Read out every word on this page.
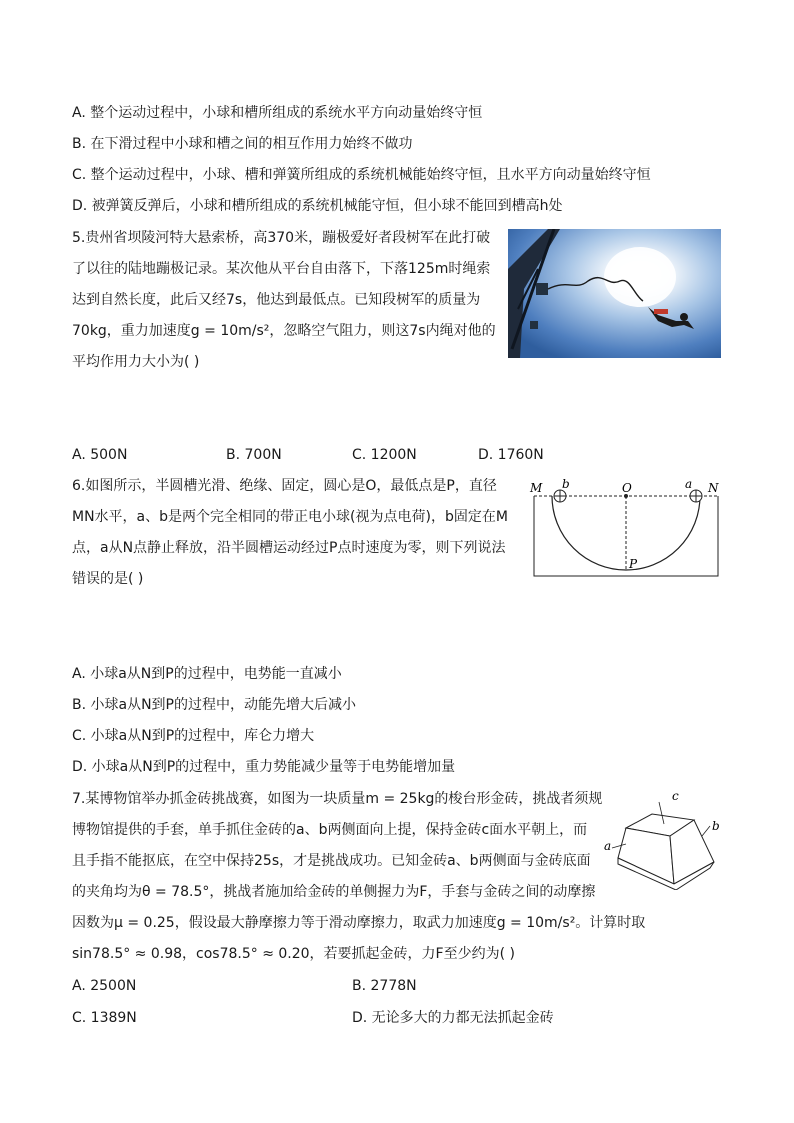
A. 整个运动过程中，小球和槽所组成的系统水平方向动量始终守恒
B. 在下滑过程中小球和槽之间的相互作用力始终不做功
C. 整个运动过程中，小球、槽和弹簧所组成的系统机械能始终守恒，且水平方向动量始终守恒
D. 被弹簧反弹后，小球和槽所组成的系统机械能守恒，但小球不能回到槽高h处
5.贵州省坝陵河特大悬索桥，高370米，蹦极爱好者段树军在此打破
了以往的陆地蹦极记录。某次他从平台自由落下，下落125m时绳索
达到自然长度，此后又经7s，他达到最低点。已知段树军的质量为
70kg，重力加速度g = 10m/s²，忽略空气阻力，则这7s内绳对他的
平均作用力大小为( )
A. 500N	B. 700N	C. 1200N	D. 1760N
6.如图所示，半圆槽光滑、绝缘、固定，圆心是O，最低点是P，直径
MN水平，a、b是两个完全相同的带正电小球(视为点电荷)，b固定在M
点，a从N点静止释放，沿半圆槽运动经过P点时速度为零，则下列说法
错误的是( )
M b	O	a N
P
A. 小球a从N到P的过程中，电势能一直减小
B. 小球a从N到P的过程中，动能先增大后减小
C. 小球a从N到P的过程中，库仑力增大
D. 小球a从N到P的过程中，重力势能减少量等于电势能增加量
7.某博物馆举办抓金砖挑战赛，如图为一块质量m = 25kg的梭台形金砖，挑战者须规
博物馆提供的手套，单手抓住金砖的a、b两侧面向上提，保持金砖c面水平朝上，而
且手指不能抠底，在空中保持25s，才是挑战成功。已知金砖a、b两侧面与金砖底面
的夹角均为θ = 78.5°，挑战者施加给金砖的单侧握力为F，手套与金砖之间的动摩擦
因数为μ = 0.25，假设最大静摩擦力等于滑动摩擦力，取武力加速度g = 10m/s²。计算时取
sin78.5° ≈ 0.98，cos78.5° ≈ 0.20，若要抓起金砖，力F至少约为( )
c
b
a
A. 2500N	B. 2778N
C. 1389N	D. 无论多大的力都无法抓起金砖
